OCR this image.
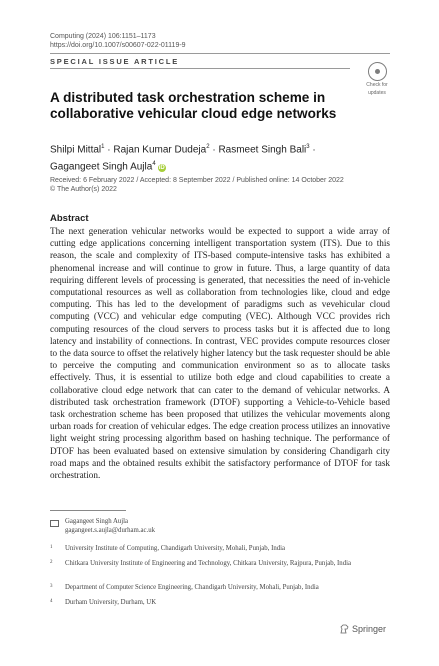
Computing (2024) 106:1151–1173
https://doi.org/10.1007/s00607-022-01119-9
SPECIAL ISSUE ARTICLE
Check for
updates
A distributed task orchestration scheme in collaborative vehicular cloud edge networks
Shilpi Mittal$^1$ · Rajan Kumar Dudeja$^2$ · Rasmeet Singh Bali$^3$ ·
Gagangeet Singh Aujla$^4$iD
Received: 6 February 2022 / Accepted: 8 September 2022 / Published online: 14 October 2022
© The Author(s) 2022
Abstract
The next generation vehicular networks would be expected to support a wide array of cutting edge applications concerning intelligent transportation system (ITS). Due to this reason, the scale and complexity of ITS-based compute-intensive tasks has exhibited a phenomenal increase and will continue to grow in future. Thus, a large quantity of data requiring different levels of processing is generated, that necessities the need of in-vehicle computational resources as well as collaboration from technologies like, cloud and edge computing. This has led to the development of paradigms such as vevehicular cloud computing (VCC) and vehicular edge computing (VEC). Although VCC provides rich computing resources of the cloud servers to process tasks but it is affected due to long latency and instability of connections. In contrast, VEC provides compute resources closer to the data source to offset the relatively higher latency but the task requester should be able to perceive the computing and communication environment so as to allocate tasks effectively. Thus, it is essential to utilize both edge and cloud capabilities to create a collaborative cloud edge network that can cater to the demand of vehicular networks. A distributed task orchestration framework (DTOF) supporting a Vehicle-to-Vehicle based task orchestration scheme has been proposed that utilizes the vehicular movements along urban roads for creation of vehicular edges. The edge creation process utilizes an innovative light weight string processing algorithm based on hashing technique. The performance of DTOF has been evaluated based on extensive simulation by considering Chandigarh city road maps and the obtained results exhibit the satisfactory performance of DTOF for task orchestration.
Gagangeet Singh Aujla
gagangeet.s.aujla@durham.ac.uk
1 University Institute of Computing, Chandigarh University, Mohali, Punjab, India
2 Chitkara University Institute of Engineering and Technology, Chitkara University, Rajpura, Punjab, India
3 Department of Computer Science Engineering, Chandigarh University, Mohali, Punjab, India
4 Durham University, Durham, UK
Springer
